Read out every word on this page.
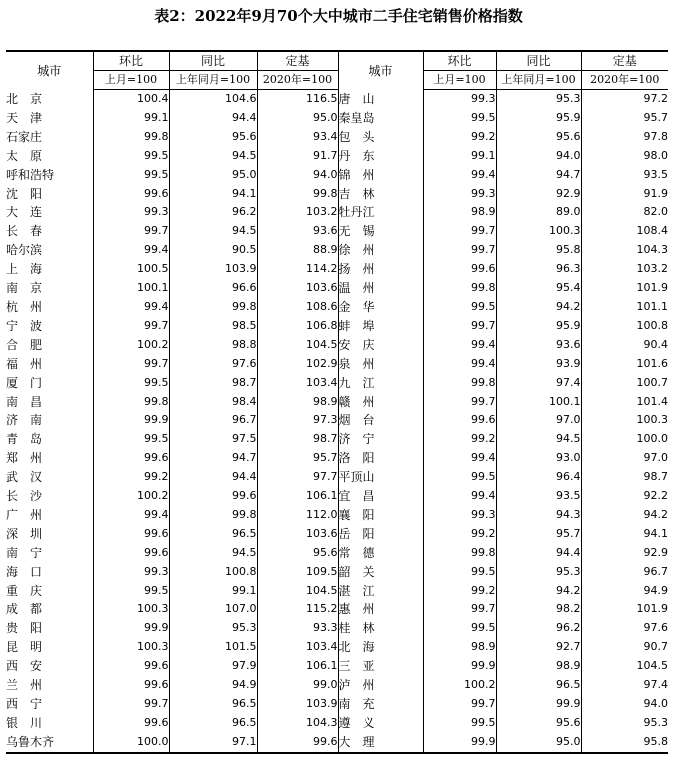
表2：2022年9月70个大中城市二手住宅销售价格指数
城市	环比	同比	定基	城市	环比	同比	定基
	上月=100	上年同月=100	2020年=100		上月=100	上年同月=100	2020年=100
北　京	100.4	104.6	116.5	唐　山	99.3	95.3	97.2
天　津	99.1	94.4	95.0	秦皇岛	99.5	95.9	95.7
石家庄	99.8	95.6	93.4	包　头	99.2	95.6	97.8
太　原	99.5	94.5	91.7	丹　东	99.1	94.0	98.0
呼和浩特	99.5	95.0	94.0	锦　州	99.4	94.7	93.5
沈　阳	99.6	94.1	99.8	吉　林	99.3	92.9	91.9
大　连	99.3	96.2	103.2	牡丹江	98.9	89.0	82.0
长　春	99.7	94.5	93.6	无　锡	99.7	100.3	108.4
哈尔滨	99.4	90.5	88.9	徐　州	99.7	95.8	104.3
上　海	100.5	103.9	114.2	扬　州	99.6	96.3	103.2
南　京	100.1	96.6	103.6	温　州	99.8	95.4	101.9
杭　州	99.4	99.8	108.6	金　华	99.5	94.2	101.1
宁　波	99.7	98.5	106.8	蚌　埠	99.7	95.9	100.8
合　肥	100.2	98.8	104.5	安　庆	99.4	93.6	90.4
福　州	99.7	97.6	102.9	泉　州	99.4	93.9	101.6
厦　门	99.5	98.7	103.4	九　江	99.8	97.4	100.7
南　昌	99.8	98.4	98.9	赣　州	99.7	100.1	101.4
济　南	99.9	96.7	97.3	烟　台	99.6	97.0	100.3
青　岛	99.5	97.5	98.7	济　宁	99.2	94.5	100.0
郑　州	99.6	94.7	95.7	洛　阳	99.4	93.0	97.0
武　汉	99.2	94.4	97.7	平顶山	99.5	96.4	98.7
长　沙	100.2	99.6	106.1	宜　昌	99.4	93.5	92.2
广　州	99.4	99.8	112.0	襄　阳	99.3	94.3	94.2
深　圳	99.6	96.5	103.6	岳　阳	99.2	95.7	94.1
南　宁	99.6	94.5	95.6	常　德	99.8	94.4	92.9
海　口	99.3	100.8	109.5	韶　关	99.5	95.3	96.7
重　庆	99.5	99.1	104.5	湛　江	99.2	94.2	94.9
成　都	100.3	107.0	115.2	惠　州	99.7	98.2	101.9
贵　阳	99.9	95.3	93.3	桂　林	99.5	96.2	97.6
昆　明	100.3	101.5	103.4	北　海	98.9	92.7	90.7
西　安	99.6	97.9	106.1	三　亚	99.9	98.9	104.5
兰　州	99.6	94.9	99.0	泸　州	100.2	96.5	97.4
西　宁	99.7	96.5	103.9	南　充	99.7	99.9	94.0
银　川	99.6	96.5	104.3	遵　义	99.5	95.6	95.3
乌鲁木齐	100.0	97.1	99.6	大　理	99.9	95.0	95.8
